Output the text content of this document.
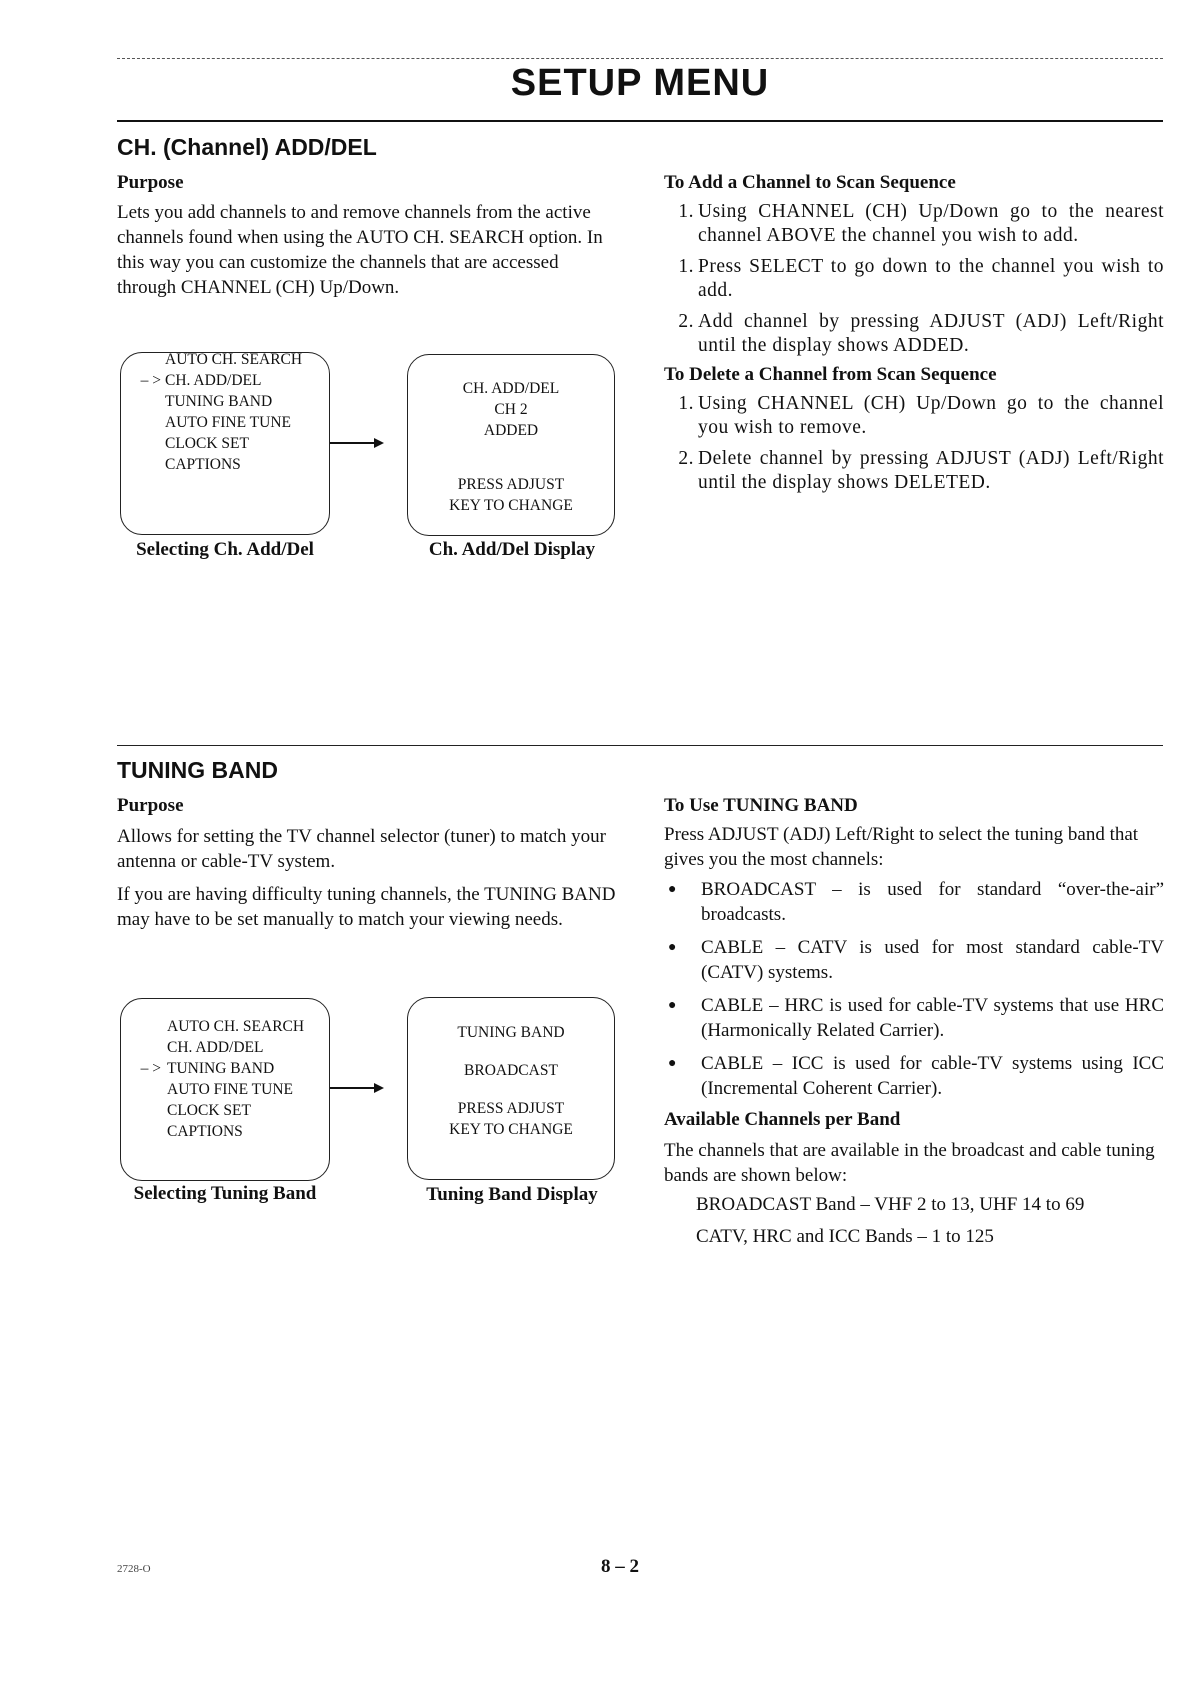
SETUP MENU
CH. (Channel) ADD/DEL
Purpose
Lets you add channels to and remove channels from the active channels found when using the AUTO CH. SEARCH option. In this way you can customize the channels that are accessed through CHANNEL (CH) Up/Down.
– >
AUTO CH. SEARCH
CH. ADD/DEL
TUNING BAND
AUTO FINE TUNE
CLOCK SET
CAPTIONS
CH. ADD/DEL
CH 2
ADDED
PRESS ADJUST
KEY TO CHANGE
Selecting Ch. Add/Del	Ch. Add/Del Display
To Add a Channel to Scan Sequence
1. Using CHANNEL (CH) Up/Down go to the nearest channel ABOVE the channel you wish to add.
1. Press SELECT to go down to the channel you wish to add.
2. Add channel by pressing ADJUST (ADJ) Left/Right until the display shows ADDED.
To Delete a Channel from Scan Sequence
1. Using CHANNEL (CH) Up/Down go to the channel you wish to remove.
2. Delete channel by pressing ADJUST (ADJ) Left/Right until the display shows DELETED.
TUNING BAND
Purpose

Allows for setting the TV channel selector (tuner) to match your antenna or cable-TV system.

If you are having difficulty tuning channels, the TUNING BAND may have to be set manually to match your viewing needs.

– >
AUTO CH. SEARCH
CH. ADD/DEL
TUNING BAND
AUTO FINE TUNE
CLOCK SET
CAPTIONS
TUNING BAND
BROADCAST
PRESS ADJUST
KEY TO CHANGE
Selecting Tuning Band	Tuning Band Display
To Use TUNING BAND
Press ADJUST (ADJ) Left/Right to select the tuning band that gives you the most channels:
●	BROADCAST – is used for standard “over-the-air” broadcasts.
●	CABLE – CATV is used for most standard cable-TV (CATV) systems.
●	CABLE – HRC is used for cable-TV systems that use HRC (Harmonically Related Carrier).
●	CABLE – ICC is used for cable-TV systems using ICC (Incremental Coherent Carrier).
Available Channels per Band
The channels that are available in the broadcast and cable tuning bands are shown below:
BROADCAST Band – VHF 2 to 13, UHF 14 to 69
CATV, HRC and ICC Bands – 1 to 125
2728-O	8 – 2
